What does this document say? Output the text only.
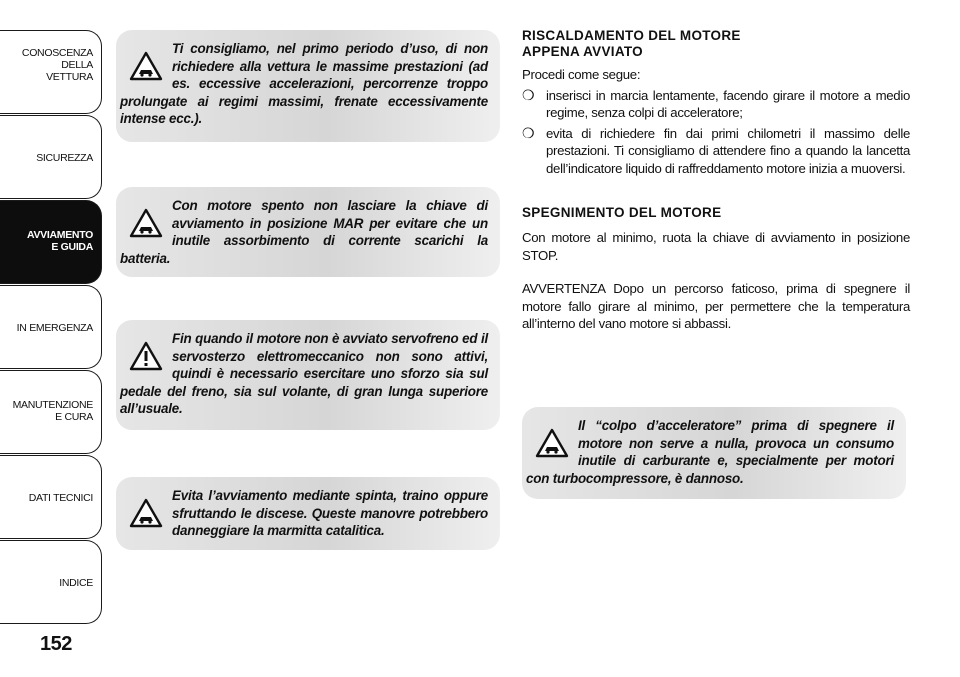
CONOSCENZA
DELLA
VETTURA
SICUREZZA
AVVIAMENTO
E GUIDA
IN EMERGENZA
MANUTENZIONE
E CURA
DATI TECNICI
INDICE
152

Ti consigliamo, nel primo periodo d’uso, di non richiedere alla vettura le massime prestazioni (ad es. eccessive accelerazioni, percorrenze troppo prolungate ai regimi massimi, frenate eccessivamente intense ecc.).

Con motore spento non lasciare la chiave di avviamento in posizione MAR per evitare che un inutile assorbimento di corrente scarichi la batteria.

Fin quando il motore non è avviato servofreno ed il servosterzo elettromeccanico non sono attivi, quindi è necessario esercitare uno sforzo sia sul pedale del freno, sia sul volante, di gran lunga superiore all’usuale.

Evita l’avviamento mediante spinta, traino oppure sfruttando le discese. Queste manovre potrebbero danneggiare la marmitta catalitica.

RISCALDAMENTO DEL MOTORE
APPENA AVVIATO

Procedi come segue:

❍ inserisci in marcia lentamente, facendo girare il motore a medio regime, senza colpi di acceleratore;
❍ evita di richiedere fin dai primi chilometri il massimo delle prestazioni. Ti consigliamo di attendere fino a quando la lancetta dell’indicatore liquido di raffreddamento motore inizia a muoversi.
SPEGNIMENTO DEL MOTORE

Con motore al minimo, ruota la chiave di avviamento in posizione STOP.

AVVERTENZA Dopo un percorso faticoso, prima di spegnere il motore fallo girare al minimo, per permettere che la temperatura all’interno del vano motore si abbassi.

Il “colpo d’acceleratore” prima di spegnere il motore non serve a nulla, provoca un consumo inutile di carburante e, specialmente per motori con turbocompressore, è dannoso.
